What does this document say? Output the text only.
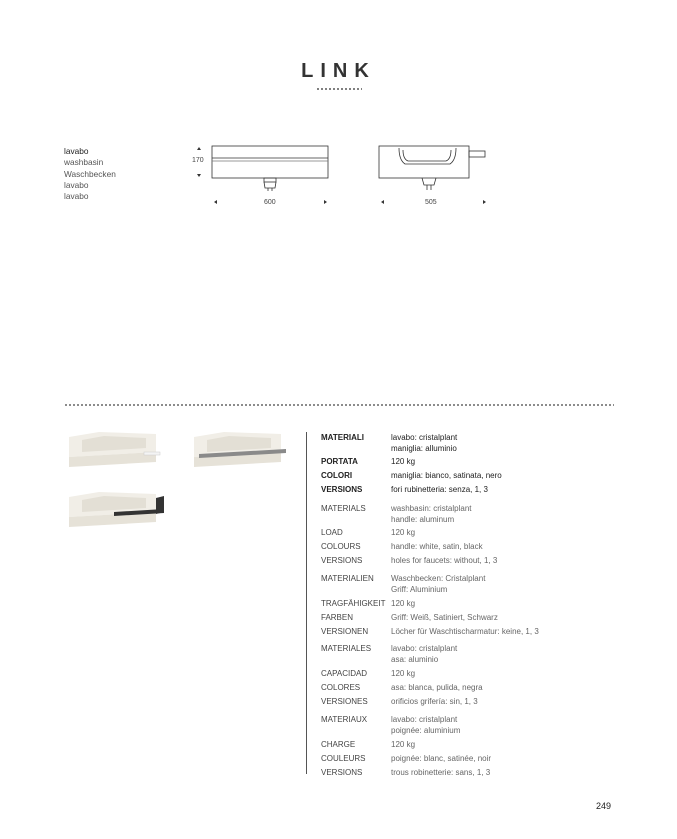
LINK
lavabo
washbasin
Waschbecken
lavabo
lavabo
170
600	505
MATERIALI	lavabo: cristalplant
maniglia: alluminio
PORTATA	120 kg
COLORI	maniglia: bianco, satinata, nero
VERSIONS	fori rubinetteria: senza, 1, 3
MATERIALS	washbasin: cristalplant
handle: aluminum
LOAD	120 kg
COLOURS	handle: white, satin, black
VERSIONS	holes for faucets: without, 1, 3
MATERIALIEN	Waschbecken: Cristalplant
Griff: Aluminium
TRAGFÄHIGKEIT 120 kg
FARBEN	Griff: Weiß, Satiniert, Schwarz
VERSIONEN	Löcher für Waschtischarmatur: keine, 1, 3
MATERIALES	lavabo: cristalplant
asa: aluminio
CAPACIDAD	120 kg
COLORES	asa: blanca, pulida, negra
VERSIONES	orificios grifería: sin, 1, 3
MATERIAUX	lavabo: cristalplant
poignée: aluminium
CHARGE	120 kg
COULEURS	poignée: blanc, satinée, noir
VERSIONS	trous robinetterie: sans, 1, 3
249
